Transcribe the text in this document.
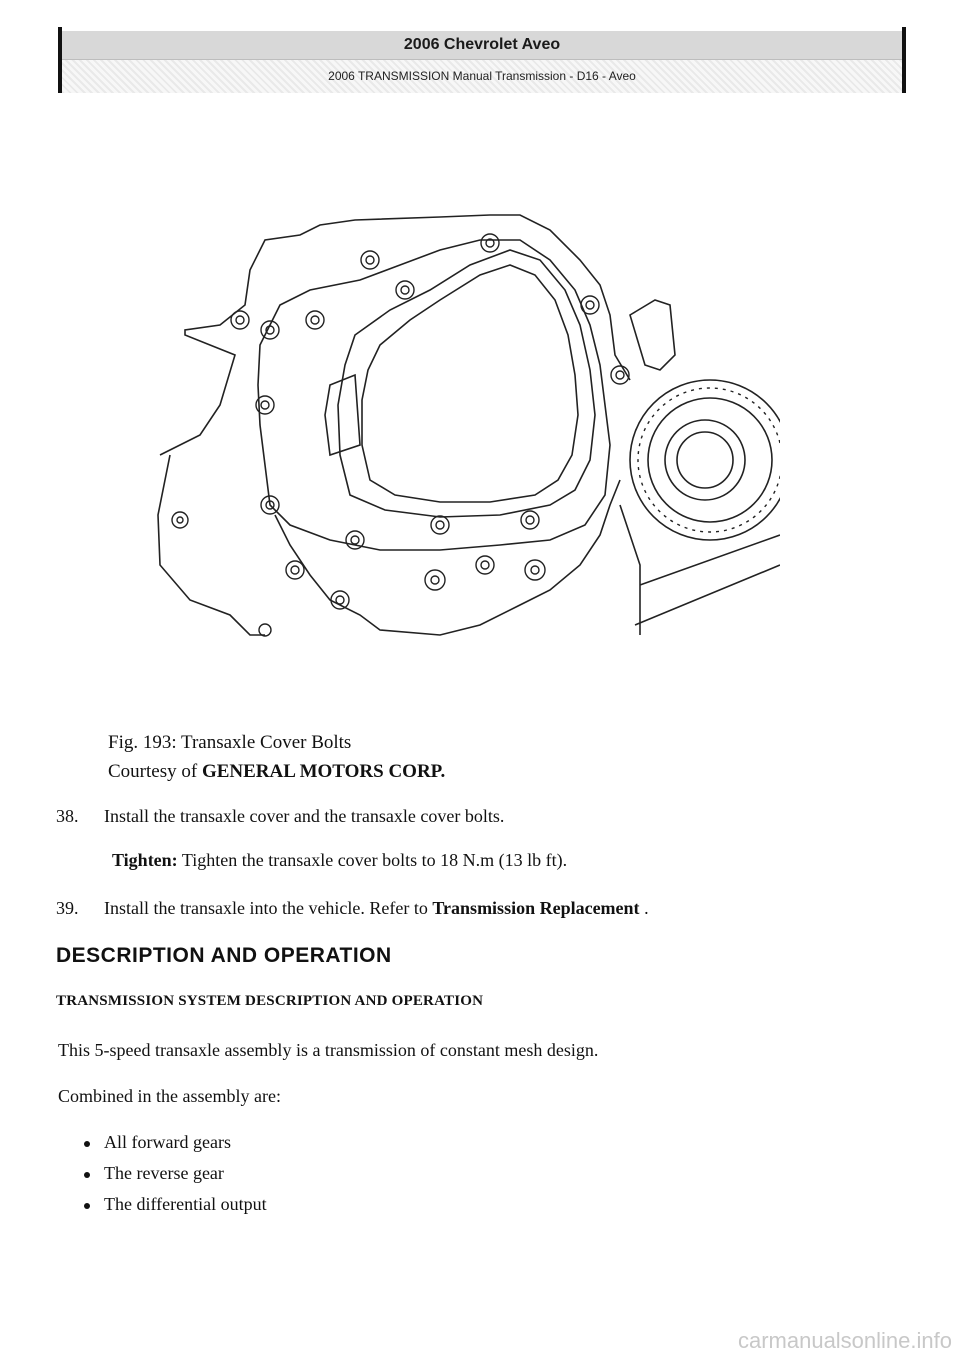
2006 Chevrolet Aveo
2006 TRANSMISSION Manual Transmission - D16 - Aveo
Fig. 193: Transaxle Cover Bolts
Courtesy of GENERAL MOTORS CORP.
38. Install the transaxle cover and the transaxle cover bolts.
Tighten: Tighten the transaxle cover bolts to 18 N.m (13 lb ft).
39. Install the transaxle into the vehicle. Refer to Transmission Replacement .
DESCRIPTION AND OPERATION
TRANSMISSION SYSTEM DESCRIPTION AND OPERATION
This 5-speed transaxle assembly is a transmission of constant mesh design.
Combined in the assembly are:
All forward gears
The reverse gear
The differential output
carmanualsonline.info
